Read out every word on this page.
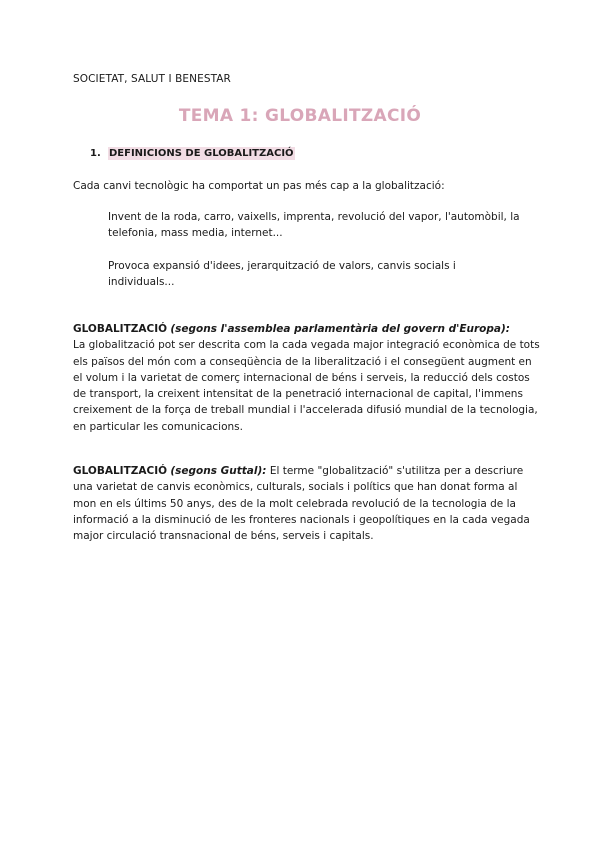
SOCIETAT, SALUT I BENESTAR
TEMA 1: GLOBALITZACIÓ
1. DEFINICIONS DE GLOBALITZACIÓ

Cada canvi tecnològic ha comportat un pas més cap a la globalització:

Invent de la roda, carro, vaixells, imprenta, revolució del vapor, l'automòbil, la telefonia, mass media, internet...

Provoca expansió d'idees, jerarquització de valors, canvis socials i individuals...

GLOBALITZACIÓ (segons l'assemblea parlamentària del govern d'Europa):
La globalització pot ser descrita com la cada vegada major integració econòmica de tots els països del món com a conseqüència de la liberalització i el consegüent augment en el volum i la varietat de comerç internacional de béns i serveis, la reducció dels costos de transport, la creixent intensitat de la penetració internacional de capital, l'immens creixement de la força de treball mundial i l'accelerada difusió mundial de la tecnologia, en particular les comunicacions.

GLOBALITZACIÓ (segons Guttal): El terme "globalització" s'utilitza per a descriure una varietat de canvis econòmics, culturals, socials i polítics que han donat forma al mon en els últims 50 anys, des de la molt celebrada revolució de la tecnologia de la informació a la disminució de les fronteres nacionals i geopolítiques en la cada vegada major circulació transnacional de béns, serveis i capitals.
